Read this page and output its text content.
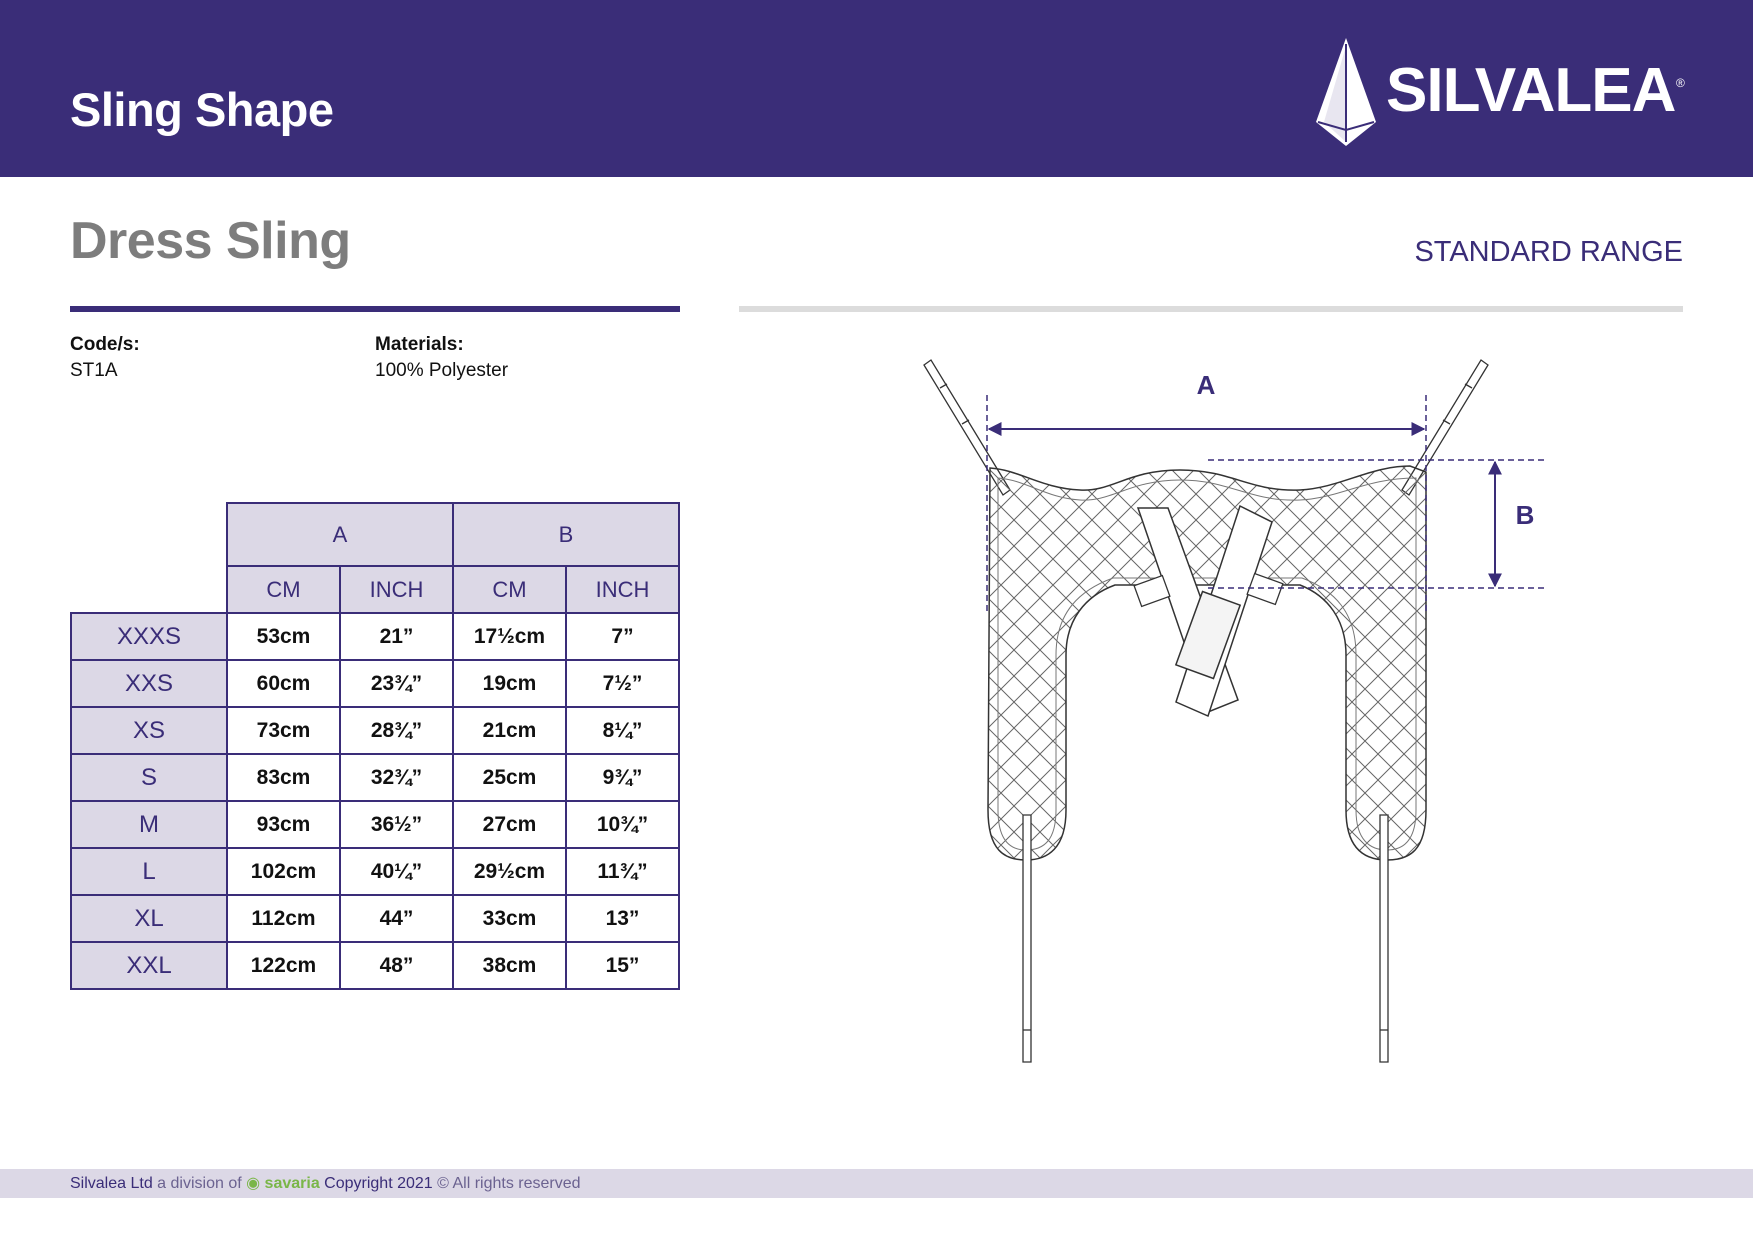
Sling Shape	SILVALEA ®
Dress Sling	STANDARD RANGE
Code/s:
ST1A
Materials:
100% Polyester
	A		B	
	CM	INCH	CM	INCH
XXXS	53cm	21”	17½cm	7”
XXS	60cm	23¾”	19cm	7½”
XS	73cm	28¾”	21cm	8¼”
S	83cm	32¾”	25cm	9¾”
M	93cm	36½”	27cm	10¾”
L	102cm	40¼”	29½cm	11¾”
XL	112cm	44”	33cm	13”
XXL	122cm	48”	38cm	15”
A
B
Silvalea Ltd a division of ◉ savaria Copyright 2021 © All rights reserved
